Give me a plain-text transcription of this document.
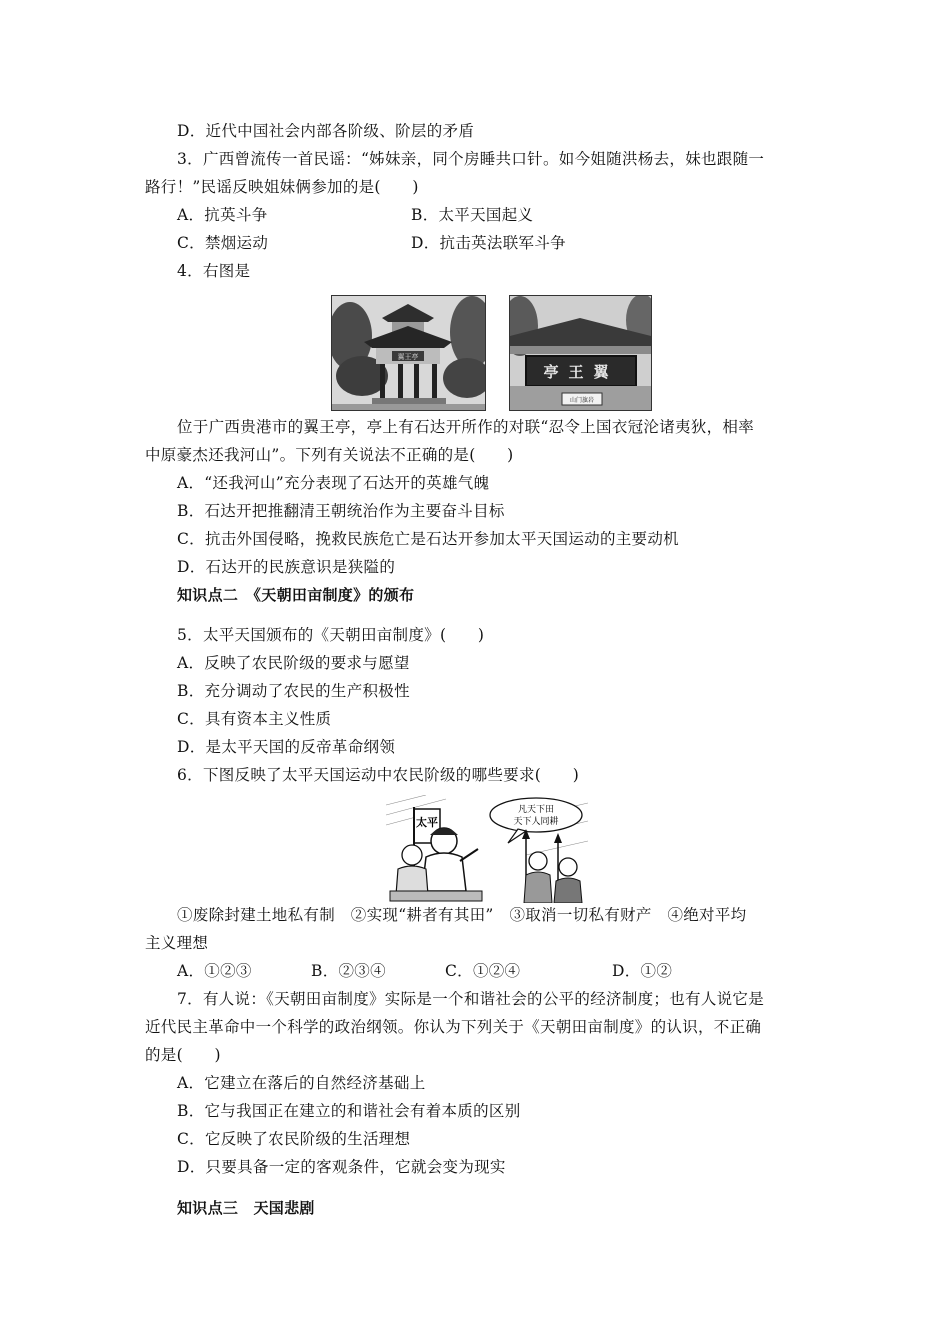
D．近代中国社会内部各阶级、阶层的矛盾
3．广西曾流传一首民谣：“姊妹亲，同个房睡共口针。如今姐随洪杨去，妹也跟随一
路行！”民谣反映姐妹俩参加的是(　　)
A．抗英斗争	B．太平天国起义
C．禁烟运动	D．抗击英法联军斗争
4．右图是
翼王亭
亭王翼
山门旗岩
位于广西贵港市的翼王亭，亭上有石达开所作的对联“忍令上国衣冠沦诸夷狄，相率
中原豪杰还我河山”。下列有关说法不正确的是(　　)
A．“还我河山”充分表现了石达开的英雄气魄
B．石达开把推翻清王朝统治作为主要奋斗目标
C．抗击外国侵略，挽救民族危亡是石达开参加太平天国运动的主要动机
D．石达开的民族意识是狭隘的
知识点二　《天朝田亩制度》的颁布
5．太平天国颁布的《天朝田亩制度》(　　)
A．反映了农民阶级的要求与愿望
B．充分调动了农民的生产积极性
C．具有资本主义性质
D．是太平天国的反帝革命纲领
6．下图反映了太平天国运动中农民阶级的哪些要求(　　)
太平
凡天下田
天下人同耕
①废除封建土地私有制　②实现“耕者有其田”　③取消一切私有财产　④绝对平均
主义理想
A．①②③	B．②③④	C．①②④	D．①②
7．有人说：《天朝田亩制度》实际是一个和谐社会的公平的经济制度；也有人说它是
近代民主革命中一个科学的政治纲领。你认为下列关于《天朝田亩制度》的认识，不正确
的是(　　)
A．它建立在落后的自然经济基础上
B．它与我国正在建立的和谐社会有着本质的区别
C．它反映了农民阶级的生活理想
D．只要具备一定的客观条件，它就会变为现实
知识点三　天国悲剧
